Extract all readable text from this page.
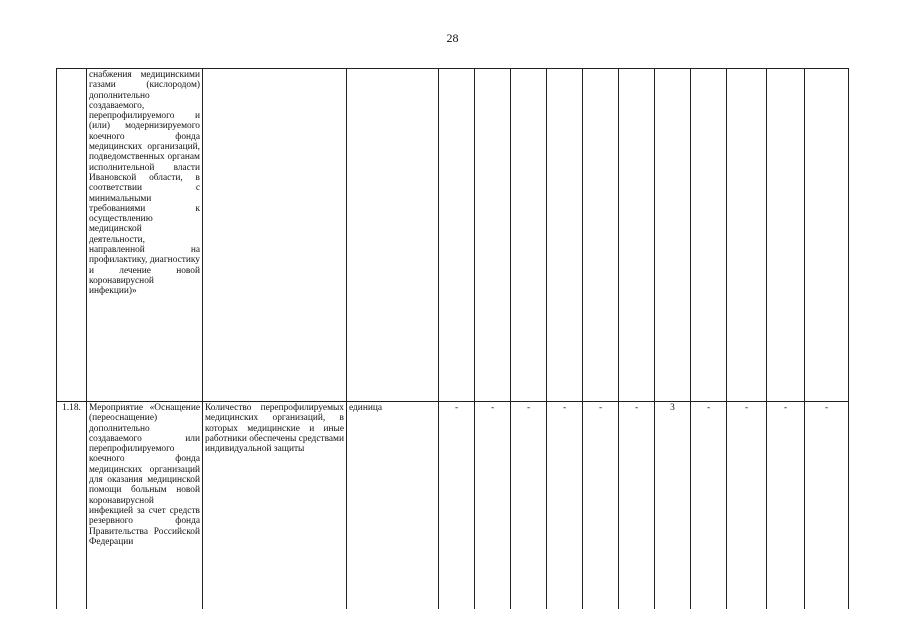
28
	снабжения медицинскими газами (кислородом) дополнительно создаваемого, перепрофилируемого и (или) модернизируемого коечного фонда медицинских организаций, подведомственных органам исполнительной власти Ивановской области, в соответствии с минимальными требованиями к осуществлению медицинской деятельности, направленной на профилактику, диагностику и лечение новой коронавирусной инфекции)»													
1.18.	Мероприятие «Оснащение (переоснащение) дополнительно создаваемого или перепрофилируемого коечного фонда медицинских организаций для оказания медицинской помощи больным новой коронавирусной инфекцией за счет средств резервного фонда Правительства Российской Федерации	Количество перепрофилируемых медицинских организаций, в которых медицинские и иные работники обеспечены средствами индивидуальной защиты	единица	-	-	-	-	-	-	3	-	-	-	-
